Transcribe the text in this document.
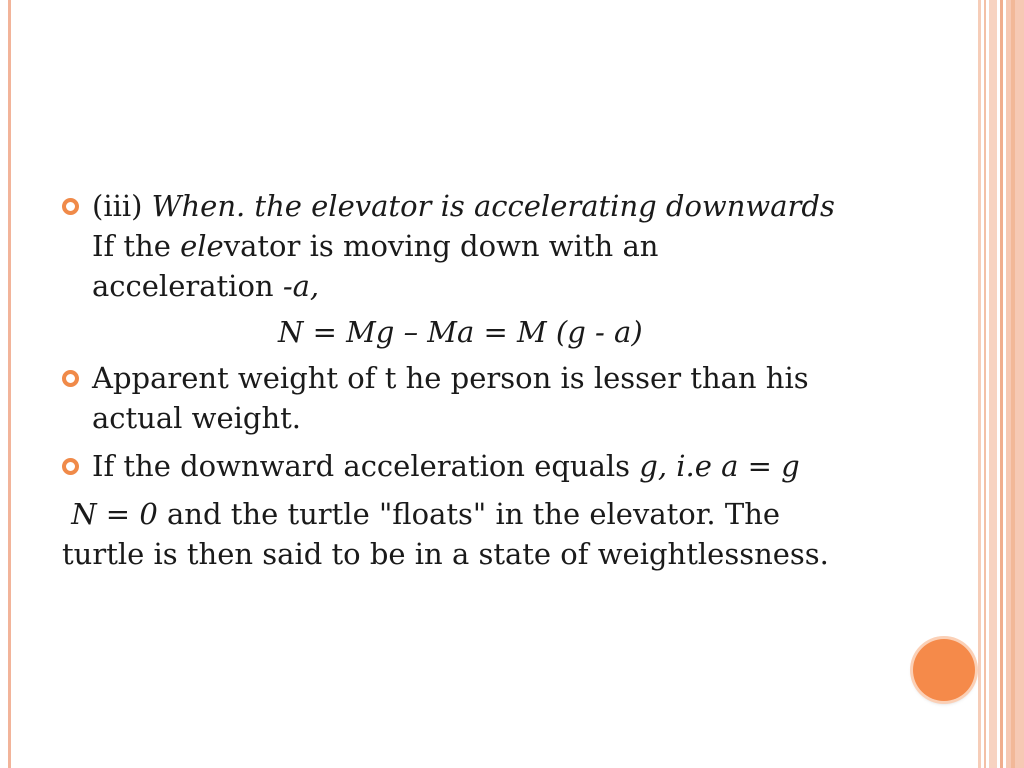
(iii) When. the elevator is accelerating downwards
If the elevator is moving down with an
acceleration -a,
N = Mg – Ma = M (g - a)
Apparent weight of t he person is lesser than his
actual weight.
If the downward acceleration equals g, i.e a = g
N = 0 and the turtle "floats" in the elevator. The
turtle is then said to be in a state of weightlessness.
